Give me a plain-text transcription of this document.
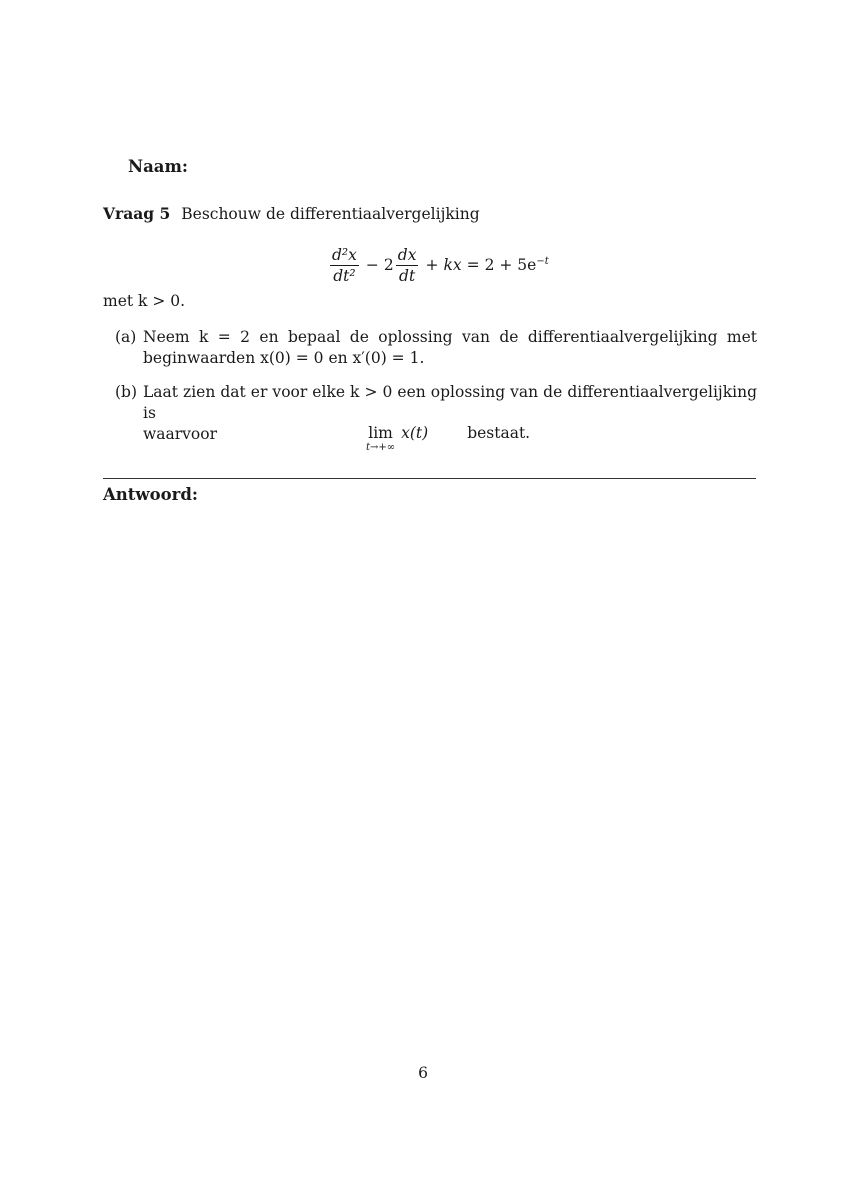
Naam:
Vraag 5 Beschouw de differentiaalvergelijking
$\frac{\text{d²x}}{\text{dt²}} - 2 \frac{dx}{dt}$ + kx = $2 + 5e^{-t}$
met k > 0.
(a) Neem k = 2 en bepaal de oplossing van de differentiaalvergelijking met beginwaarden x(0) = 0 en x′(0) = 1.
(b) Laat zien dat er voor elke k > 0 een oplossing van de differentiaalvergelijking is
waarvoor	lim
t→+∞
x(t)	bestaat.
Antwoord:
6
